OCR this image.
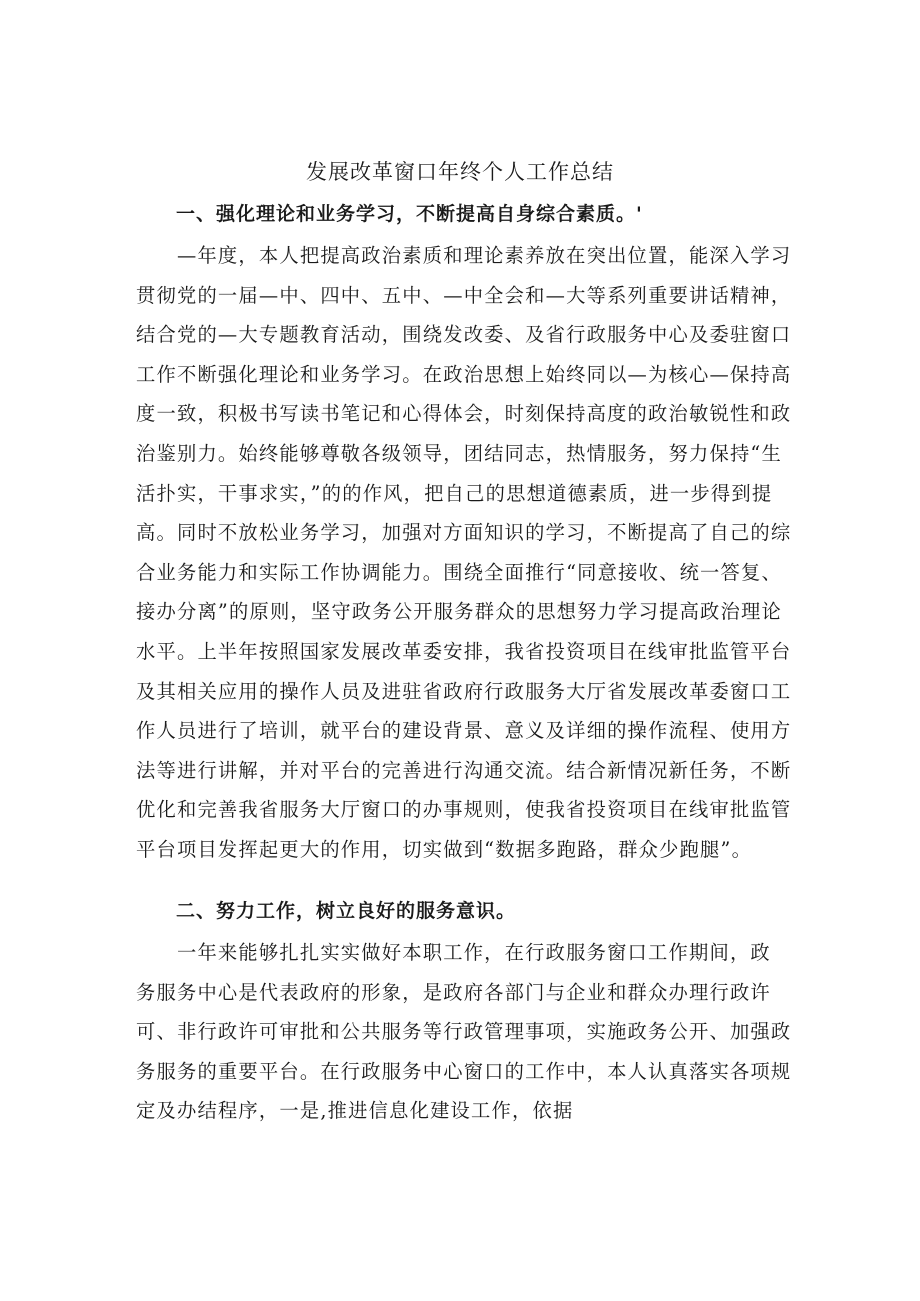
发展改革窗口年终个人工作总结
一、强化理论和业务学习，不断提高自身综合素质。'
　　—年度，本人把提高政治素质和理论素养放在突出位置，能深入学习
贯彻党的一届—中、四中、五中、—中全会和—大等系列重要讲话精神，
结合党的—大专题教育活动，围绕发改委、及省行政服务中心及委驻窗口
工作不断强化理论和业务学习。在政治思想上始终同以—为核心—保持高
度一致，积极书写读书笔记和心得体会，时刻保持高度的政治敏锐性和政
治鉴别力。始终能够尊敬各级领导，团结同志，热情服务，努力保持“生
活扑实，干事求实，”的的作风，把自己的思想道德素质，进一步得到提
高。同时不放松业务学习，加强对方面知识的学习，不断提高了自己的综
合业务能力和实际工作协调能力。围绕全面推行“同意接收、统一答复、
接办分离”的原则，坚守政务公开服务群众的思想努力学习提高政治理论
水平。上半年按照国家发展改革委安排，我省投资项目在线审批监管平台
及其相关应用的操作人员及进驻省政府行政服务大厅省发展改革委窗口工
作人员进行了培训，就平台的建设背景、意义及详细的操作流程、使用方
法等进行讲解，并对平台的完善进行沟通交流。结合新情况新任务，不断
优化和完善我省服务大厅窗口的办事规则，使我省投资项目在线审批监管
平台项目发挥起更大的作用，切实做到“数据多跑路，群众少跑腿”。
二、努力工作，树立良好的服务意识。
　　一年来能够扎扎实实做好本职工作，在行政服务窗口工作期间，政
务服务中心是代表政府的形象，是政府各部门与企业和群众办理行政许
可、非行政许可审批和公共服务等行政管理事项，实施政务公开、加强政
务服务的重要平台。在行政服务中心窗口的工作中，本人认真落实各项规
定及办结程序，一是,推进信息化建设工作，依据
